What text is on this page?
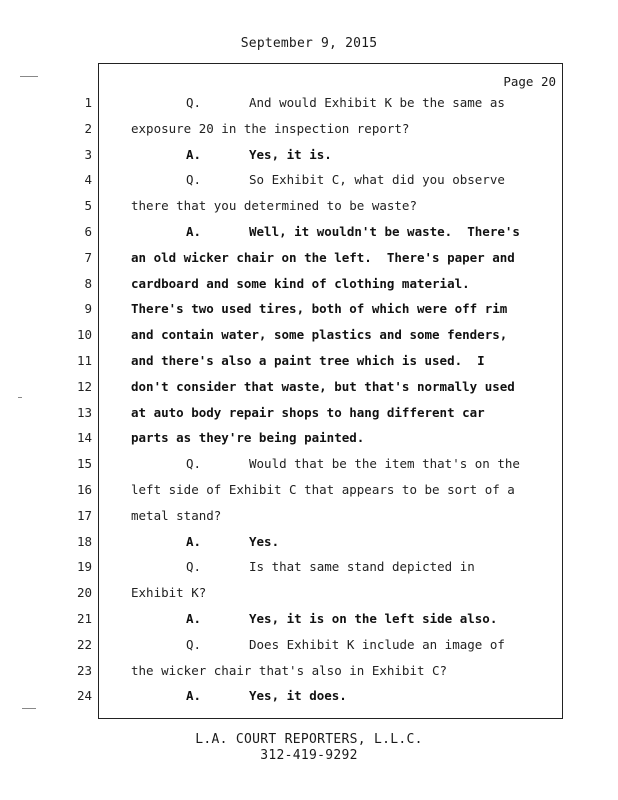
September 9, 2015
Page 20
1	Q.	And would Exhibit K be the same as
2	exposure 20 in the inspection report?
3	A.	Yes, it is.
4	Q.	So Exhibit C, what did you observe
5	there that you determined to be waste?
6	A.	Well, it wouldn't be waste.  There's
7	an old wicker chair on the left.  There's paper and
8	cardboard and some kind of clothing material.
9	There's two used tires, both of which were off rim
10	and contain water, some plastics and some fenders,
11	and there's also a paint tree which is used.  I
12	don't consider that waste, but that's normally used
13	at auto body repair shops to hang different car
14	parts as they're being painted.
15	Q.	Would that be the item that's on the
16	left side of Exhibit C that appears to be sort of a
17	metal stand?
18	A.	Yes.
19	Q.	Is that same stand depicted in
20	Exhibit K?
21	A.	Yes, it is on the left side also.
22	Q.	Does Exhibit K include an image of
23	the wicker chair that's also in Exhibit C?
24	A.	Yes, it does.
L.A. COURT REPORTERS, L.L.C.
312-419-9292
